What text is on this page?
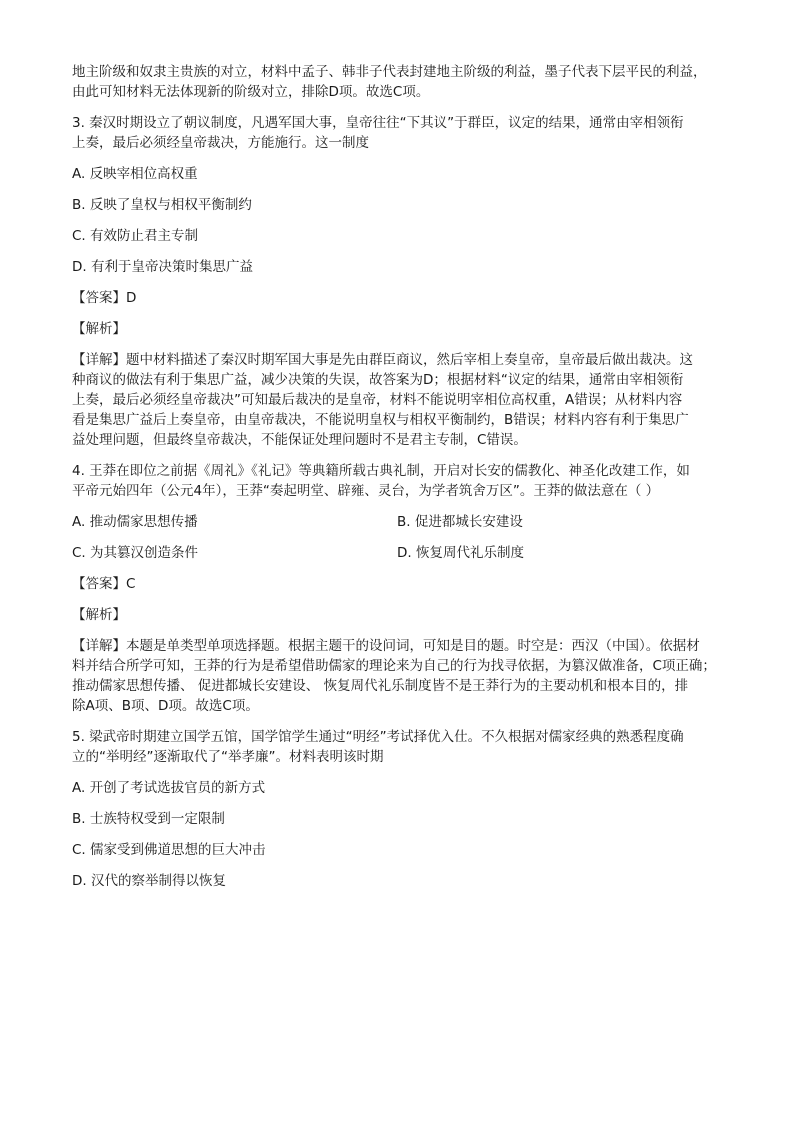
地主阶级和奴隶主贵族的对立，材料中孟子、韩非子代表封建地主阶级的利益，墨子代表下层平民的利益，

由此可知材料无法体现新的阶级对立，排除D项。故选C项。

3. 秦汉时期设立了朝议制度，凡遇军国大事，皇帝往往“下其议”于群臣，议定的结果，通常由宰相领衔

上奏，最后必须经皇帝裁决，方能施行。这一制度

A. 反映宰相位高权重

B. 反映了皇权与相权平衡制约

C. 有效防止君主专制

D. 有利于皇帝决策时集思广益

【答案】D

【解析】

【详解】题中材料描述了秦汉时期军国大事是先由群臣商议，然后宰相上奏皇帝，皇帝最后做出裁决。这

种商议的做法有利于集思广益，减少决策的失误，故答案为D；根据材料“议定的结果，通常由宰相领衔

上奏，最后必须经皇帝裁决”可知最后裁决的是皇帝，材料不能说明宰相位高权重，A错误；从材料内容

看是集思广益后上奏皇帝，由皇帝裁决，不能说明皇权与相权平衡制约，B错误；材料内容有利于集思广

益处理问题，但最终皇帝裁决，不能保证处理问题时不是君主专制，C错误。

4. 王莽在即位之前据《周礼》《礼记》等典籍所载古典礼制，开启对长安的儒教化、神圣化改建工作，如

平帝元始四年（公元4年），王莽“奏起明堂、辟雍、灵台，为学者筑舍万区”。王莽的做法意在（ ）

A. 推动儒家思想传播	B. 促进都城长安建设
C. 为其篡汉创造条件	D. 恢复周代礼乐制度

【答案】C

【解析】

【详解】本题是单类型单项选择题。根据主题干的设问词，可知是目的题。时空是：西汉（中国）。依据材

料并结合所学可知，王莽的行为是希望借助儒家的理论来为自己的行为找寻依据，为篡汉做准备，C项正确；

推动儒家思想传播、 促进都城长安建设、 恢复周代礼乐制度皆不是王莽行为的主要动机和根本目的，排

除A项、B项、D项。故选C项。

5. 梁武帝时期建立国学五馆，国学馆学生通过“明经”考试择优入仕。不久根据对儒家经典的熟悉程度确

立的“举明经”逐渐取代了“举孝廉”。材料表明该时期

A. 开创了考试选拔官员的新方式

B. 士族特权受到一定限制

C. 儒家受到佛道思想的巨大冲击

D. 汉代的察举制得以恢复
